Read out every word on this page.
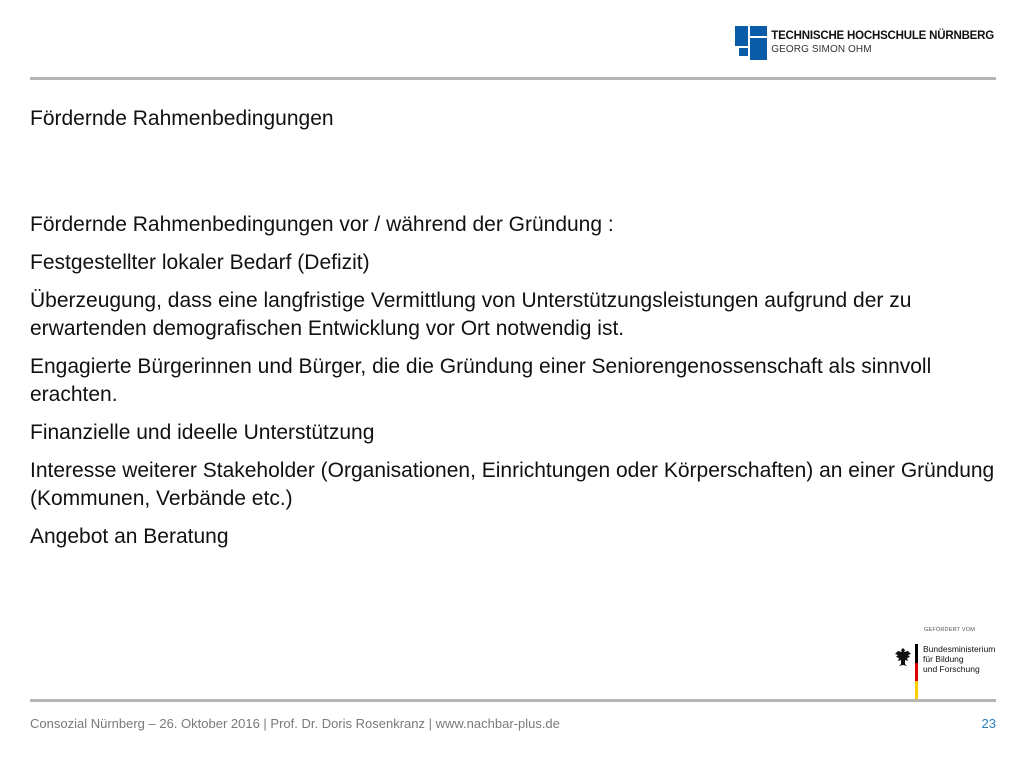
TECHNISCHE HOCHSCHULE NÜRNBERG
GEORG SIMON OHM
Fördernde Rahmenbedingungen

Fördernde Rahmenbedingungen vor / während der Gründung :

Festgestellter lokaler Bedarf (Defizit)

Überzeugung, dass eine langfristige Vermittlung von Unterstützungsleistungen aufgrund der zu erwartenden demografischen Entwicklung vor Ort notwendig ist.

Engagierte Bürgerinnen und Bürger, die die Gründung einer Seniorengenossenschaft als sinnvoll erachten.

Finanzielle und ideelle Unterstützung

Interesse weiterer Stakeholder (Organisationen, Einrichtungen oder Körperschaften) an einer Gründung (Kommunen, Verbände etc.)

Angebot an Beratung

GEFÖRDERT VOM
Bundesministerium
für Bildung
und Forschung
Consozial Nürnberg – 26. Oktober 2016 | Prof. Dr. Doris Rosenkranz | www.nachbar-plus.de	23
